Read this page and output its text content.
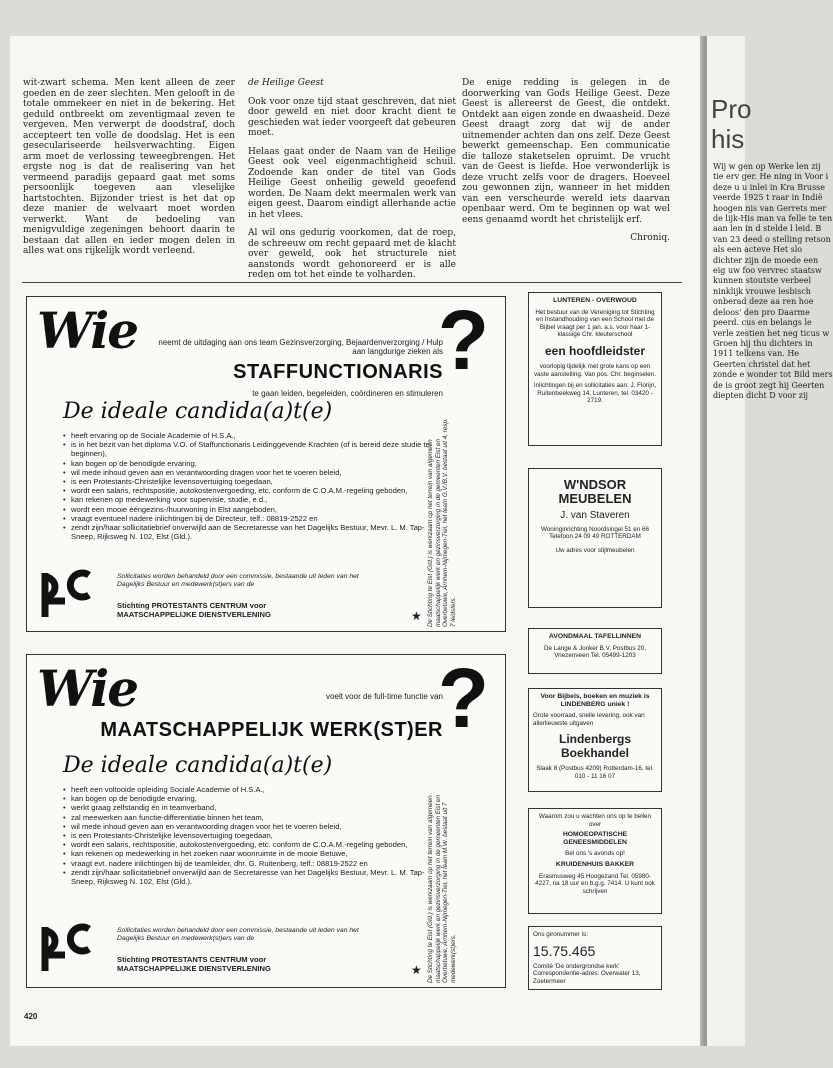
Pro his
Wij w gen op Werke len zij tie erv ger. He ning in Voor i deze u u inlei in Kra Brusse veerde 1925 t raar in Indië hoogen nis van Gerrets mer de lijk-His man va felle te ten aan len in d stelde l leid. B van 23 deed o stelling retson als een acteve Het slo dichter zijn de moede een eig uw foo vervrec staatsw kunnen stoutste verbeel ninklijk vrouwe lesbisch onberad deze aa ren hoe deloos' den pro Daarme peerd. cus en belangs le verle zestien het neg ticus w Groen hij thu dichters in 1911 telkens van. He Geerten christel dat het zonde e wonder tot Bild mers de is groot zegt hij Geerten diepten dicht D voor zij

wit-zwart schema. Men kent alleen de zeer goeden en de zeer slechten. Men gelooft in de totale ommekeer en niet in de bekering. Het geduld ontbreekt om zeventigmaal zeven te vergeven. Men verwerpt de doodstraf, doch accepteert ten volle de doodslag. Het is een geseculariseerde heilsverwachting. Eigen arm moet de verlossing teweegbrengen. Het ergste nog is dat de realisering van het vermeend paradijs gepaard gaat met soms persoonlijk toegeven aan vleselijke hartstochten. Bijzonder triest is het dat op deze manier de welvaart moet worden verwerkt. Want de bedoeling van menigvuldige zegeningen behoort daarin te bestaan dat allen en ieder mogen delen in alles wat ons rijkelijk wordt verleend.

de Heilige Geest

Ook voor onze tijd staat geschreven, dat niet door geweld en niet door kracht dient te geschieden wat ieder voorgeeft dat gebeuren moet.

Helaas gaat onder de Naam van de Heilige Geest ook veel eigenmachtigheid schuil. Zodoende kan onder de titel van Gods Heilige Geest onheilig geweld geoefend worden. De Naam dekt meermalen werk van eigen geest. Daarom eindigt allerhande actie in het vlees.

Al wil ons gedurig voorkomen, dat de roep, de schreeuw om recht gepaard met de klacht over geweld, ook het structurele niet aanstonds wordt gehonoreerd er is alle reden om tot het einde te volharden.

De enige redding is gelegen in de doorwerking van Gods Heilige Geest. Deze Geest is allereerst de Geest, die ontdekt. Ontdekt aan eigen zonde en dwaasheid. Deze Geest draagt zorg dat wij de ander uitnemender achten dan ons zelf. Deze Geest bewerkt gemeenschap. Een communicatie die talloze staketselen opruimt. De vrucht van de Geest is liefde. Hoe verwonderlijk is deze vrucht zelfs voor de dragers. Hoeveel zou gewonnen zijn, wanneer in het midden van een verscheurde wereld iets daarvan openbaar werd. Om te beginnen op wat wel eens genaamd wordt het christelijk erf.

Chroniq.
Wie	?
neemt de uitdaging aan ons team Gezinsverzorging, Bejaardenverzorging / Hulp aan langdurige zieken als
STAFFUNCTIONARIS
te gaan leiden, begeleiden, coördineren en stimuleren
De ideale candida(a)t(e)
• heeft ervaring op de Sociale Academie of H.S.A.,
• is in het bezit van het diploma V.O. of Staffunctionaris Leidinggevende Krachten (of is bereid deze studie te beginnen),
• kan bogen op de benodigde ervaring,
• wil mede inhoud geven aan en verantwoording dragen voor het te voeren beleid,
• is een Protestants-Christelijke levensovertuiging toegedaan,
• wordt een salaris, rechtspositie, autokostenvergoeding, etc. conform de C.O.A.M.-regeling geboden,
• kan rekenen op medewerking voor supervisie, studie, e.d.,
• wordt een mooie ééngezins-/huurwoning in Elst aangeboden,
• vraagt eventueel nadere inlichtingen bij de Directeur, telf.: 08819-2522 en
• zendt zijn/haar sollicitatiebrief onverwijld aan de Secretaresse van het Dagelijks Bestuur, Mevr. L. M. Tap-Sneep, Rijksweg N. 102, Elst (Gld.).
Sollicitaties worden behandeld door een commissie, bestaande uit leden van het Dagelijks Bestuur en medewerk(st)ers van de
Stichting PROTESTANTS CENTRUM voor
MAATSCHAPPELIJKE DIENSTVERLENING	★ De Stichting te Elst (Gld.) is werkzaam op het terrein van algemeen maatschappelijk werk en gezinsverzorging in de gemeenten Elst en Overbetuwe, Arnhem-Nijmegen-Tiel, het team G.V./B.V. bestaat uit 4, resp. 7 leidsters.
Wie	?
voelt voor de full-time functie van
MAATSCHAPPELIJK WERK(ST)ER
De ideale candida(a)t(e)
• heeft een voltooide opleiding Sociale Academie of H.S.A.,
• kan bogen op de benodigde ervaring,
• werkt graag zelfstandig én in teamverband,
• zal meewerken aan functie-differentiatie binnen het team,
• wil mede inhoud geven aan en verantwoording dragen voor het te voeren beleid,
• is een Protestants-Christelijke levensovertuiging toegedaan,
• wordt een salaris, rechtspositie, autokostenvergoeding, etc. conform de C.O.A.M.-regeling geboden,
• kan rekenen op medewerking in het zoeken naar woonruimte in de mooie Betuwe,
• vraagt evt. nadere inlichtingen bij de teamleider, dhr. G. Ruitenberg, telf.: 08819-2522 en
• zendt zijn/haar sollicitatiebrief onverwijld aan de Secretaresse van het Dagelijks Bestuur, Mevr. L. M. Tap-Sneep, Rijksweg N. 102, Elst (Gld.).
Sollicitaties worden behandeld door een commissie, bestaande uit leden van het Dagelijks Bestuur en medewerk(st)ers van de
Stichting PROTESTANTS CENTRUM voor
MAATSCHAPPELIJKE DIENSTVERLENING	★ De Stichting te Elst (Gld.) is werkzaam op het terrein van algemeen maatschappelijk werk en gezinsverzorging in de gemeenten Elst en Overbetuwe, Arnhem-Nijmegen-Tiel, het team M.W. bestaat uit 7 medewerk(st)ers.
LUNTEREN - OVERWOUD
Het bestuur van de Vereniging tot Stichting en Instandhouding van een School met de Bijbel vraagt per 1 jan. a.s. voor haar 1-klassige Chr. kleuterschool
een hoofdleidster
voorlopig tijdelijk met grote kans op een vaste aanstelling. Van pos. Chr. beginselen.
Inlichtingen bij en sollicitaties aan: J. Florijn, Ruitenbeekweg 14, Lunteren, tel. 03420 - 2719.
W'NDSOR MEUBELEN
J. van Staveren
Woninginrichting Noordsingel 51 en 66 Telefoon 24 09 49 ROTTERDAM
Uw adres voor stijlmeubelen
AVONDMAAL TAFELLINNEN
De Lange & Jonker B.V. Postbus 20, Vriezenveen Tel. 05499-1203
Voor Bijbels, boeken en muziek is LINDENBERG uniek !
Grote voorraad, snelle levering, ook van allerlieuwste uitgaven
Lindenbergs Boekhandel
Slaak 8 (Postbus 4209) Rotterdam-16, tel. 010 - 11 16 07
Waarom zou u wachten ons op te bellen over
HOMOEOPATISCHE GENEESMIDDELEN
Bel ons 's avonds op!
KRUIDENHUIS BAKKER
Erasmusweg 45 Hoogezand Tel. 05980-4227, na 18 uur en b.g.g. 7414. U kunt ook schrijven
Ons gironummer is:
15.75.465
Comité 'De ondergrondse kerk' Correspondentie-adres: Overwater 13, Zoetermeer
420
